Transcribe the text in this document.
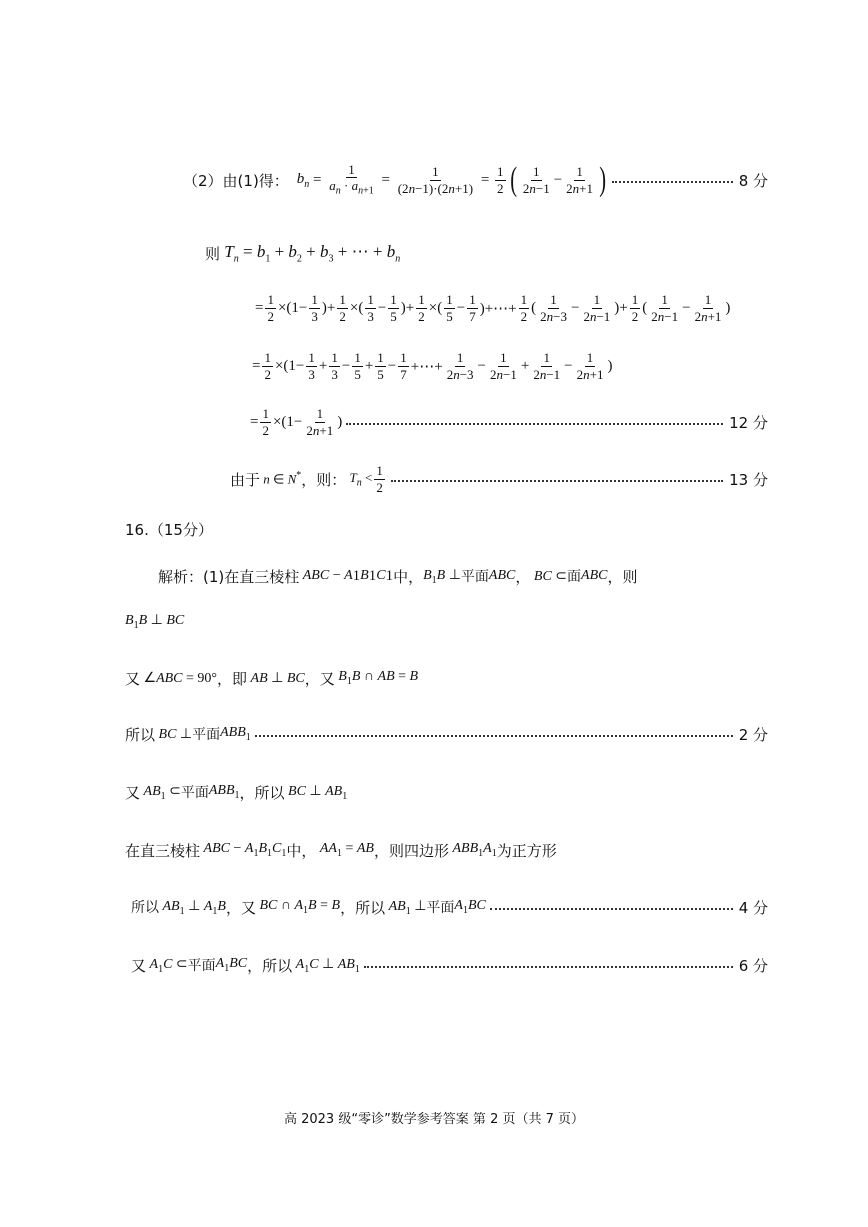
（2）由(1)得： $b_n = \frac{1}{a_n \cdot a_{n+1}} = \frac{1}{(2n-1)\cdot(2n+1)} = \frac{1}{2}$ ( $\frac{1}{2n-1} - \frac{1}{2n+1}$ )	8 分
则 $T_n = b_1 + b_2 + b_3$ + ⋯ + $b_n$
= $\frac{1}{2} \times(1- \frac{1}{3}$ )+ $\frac{1}{2}$ ×( $\frac{1}{3} - \frac{1}{5}$ )+ $\frac{1}{2}$ ×( $\frac{1}{5} - \frac{1}{7}$ )+⋯+ $\frac{1}{2}$ ( $\frac{1}{2n-3} - \frac{1}{2n-1}$ )+ $\frac{1}{2}$ ( $\frac{1}{2n-1} - \frac{1}{2n+1}$ )
= $\frac{1}{2} \times(1- \frac{1}{3} + \frac{1}{3} - \frac{1}{5} + \frac{1}{5} - \frac{1}{7}$ +⋯+ $\frac{1}{2n-3} - \frac{1}{2n-1} + \frac{1}{2n-1} - \frac{1}{2n+1}$ )
= $\frac{1}{2} \times(1- \frac{1}{2n+1}$ )	12 分
由于 n ∈ N* ，则： $T_n < \frac{1}{2}$	13 分
16.（15分）
解析：(1)在直三棱柱 ABC − A 1 B 1 C 1 中， $B_1B$ ⊥ 平面 ABC ， BC ⊂ 面 ABC ，则
$B_1B$ ⊥ BC
又 ∠ABC = 90° ，即 AB ⊥ BC ，又 $B_1B$ ∩ AB = B
所以 BC ⊥ 平面 $ABB_1$	2 分
又 $AB_1$ ⊂ 平面 $ABB_1$ ，所以 BC ⊥ $AB_1$
在直三棱柱 ABC − $A_1B_1C_1$ 中， $AA_1$ = AB ，则四边形 $ABB_1A_1$ 为正方形
所以 $AB_1$ ⊥ $A_1B$ ，又 BC ∩ $A_1B = B$ ，所以 $AB_1$ ⊥ 平面 $A_1BC$	4 分
又 $A_1C$ ⊂ 平面 $A_1BC$ ，所以 $A_1C$ ⊥ $AB_1$	6 分
高 2023 级“零诊”数学参考答案 第 2 页（共 7 页）
